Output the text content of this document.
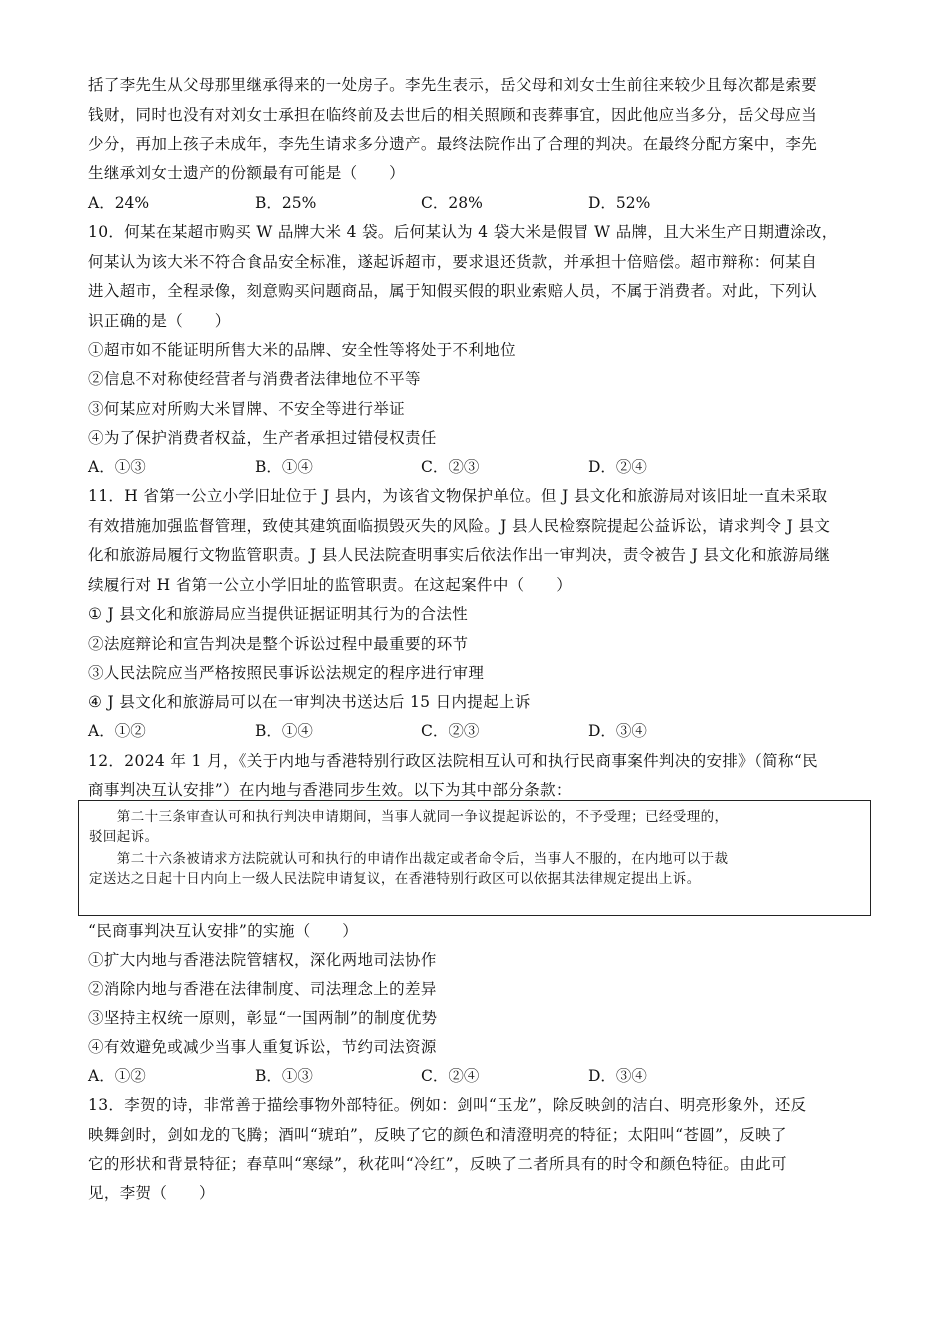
括了李先生从父母那里继承得来的一处房子。李先生表示，岳父母和刘女士生前往来较少且每次都是索要
钱财，同时也没有对刘女士承担在临终前及去世后的相关照顾和丧葬事宜，因此他应当多分，岳父母应当
少分，再加上孩子未成年，李先生请求多分遗产。最终法院作出了合理的判决。在最终分配方案中，李先
生继承刘女士遗产的份额最有可能是（　　）
A．24%	B．25%	C．28%	D．52%
10．何某在某超市购买 W 品牌大米 4 袋。后何某认为 4 袋大米是假冒 W 品牌，且大米生产日期遭涂改，
何某认为该大米不符合食品安全标准，遂起诉超市，要求退还货款，并承担十倍赔偿。超市辩称：何某自
进入超市，全程录像，刻意购买问题商品，属于知假买假的职业索赔人员，不属于消费者。对此，下列认
识正确的是（　　）
①超市如不能证明所售大米的品牌、安全性等将处于不利地位
②信息不对称使经营者与消费者法律地位不平等
③何某应对所购大米冒牌、不安全等进行举证
④为了保护消费者权益，生产者承担过错侵权责任
A．①③	B．①④	C．②③	D．②④
11．H 省第一公立小学旧址位于 J 县内，为该省文物保护单位。但 J 县文化和旅游局对该旧址一直未采取
有效措施加强监督管理，致使其建筑面临损毁灭失的风险。J 县人民检察院提起公益诉讼，请求判令 J 县文
化和旅游局履行文物监管职责。J 县人民法院查明事实后依法作出一审判决，责令被告 J 县文化和旅游局继
续履行对 H 省第一公立小学旧址的监管职责。在这起案件中（　　）
① J 县文化和旅游局应当提供证据证明其行为的合法性
②法庭辩论和宣告判决是整个诉讼过程中最重要的环节
③人民法院应当严格按照民事诉讼法规定的程序进行审理
④ J 县文化和旅游局可以在一审判决书送达后 15 日内提起上诉
A．①②	B．①④	C．②③	D．③④
12．2024 年 1 月，《关于内地与香港特别行政区法院相互认可和执行民商事案件判决的安排》（简称“民
商事判决互认安排”）在内地与香港同步生效。以下为其中部分条款：
　　第二十三条审查认可和执行判决申请期间，当事人就同一争议提起诉讼的，不予受理；已经受理的，
驳回起诉。
　　第二十六条被请求方法院就认可和执行的申请作出裁定或者命令后，当事人不服的，在内地可以于裁
定送达之日起十日内向上一级人民法院申请复议，在香港特别行政区可以依据其法律规定提出上诉。
“民商事判决互认安排”的实施（　　）
①扩大内地与香港法院管辖权，深化两地司法协作
②消除内地与香港在法律制度、司法理念上的差异
③坚持主权统一原则，彰显“一国两制”的制度优势
④有效避免或减少当事人重复诉讼，节约司法资源
A．①②	B．①③	C．②④	D．③④
13．李贺的诗，非常善于描绘事物外部特征。例如：剑叫“玉龙”，除反映剑的洁白、明亮形象外，还反
映舞剑时，剑如龙的飞腾；酒叫“琥珀”，反映了它的颜色和清澄明亮的特征；太阳叫“苍圆”，反映了
它的形状和背景特征；春草叫“寒绿”，秋花叫“冷红”，反映了二者所具有的时令和颜色特征。由此可
见，李贺（　　）
